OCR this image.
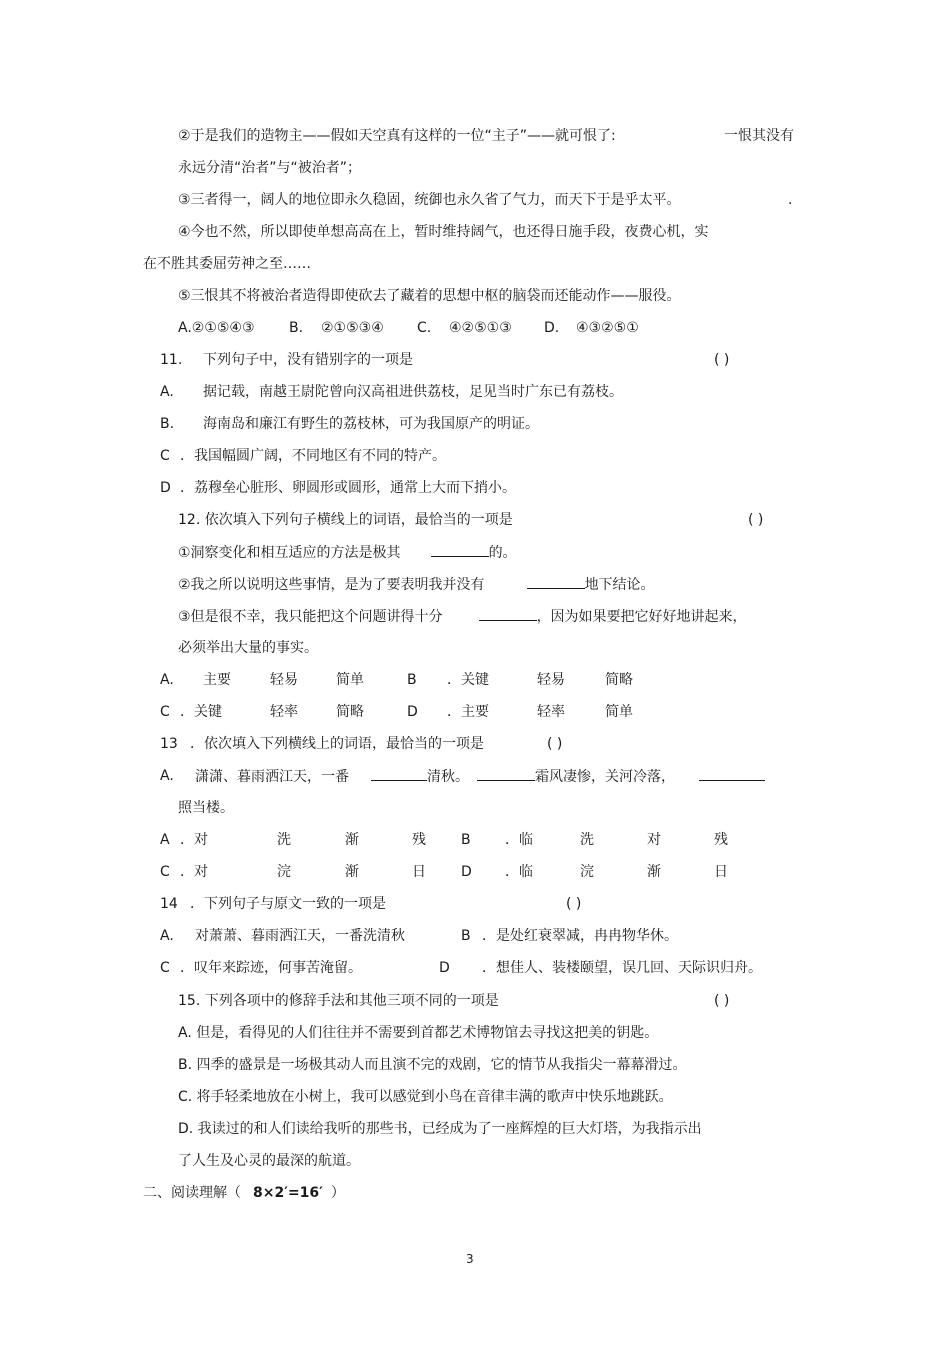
②于是我们的造物主——假如天空真有这样的一位“主子”——就可恨了:	一恨其没有
永远分清“治者”与“被治者”；
③三者得一，阔人的地位即永久稳固，统御也永久省了气力，而天下于是乎太平。	.
④今也不然，所以即使单想高高在上，暂时维持阔气，也还得日施手段，夜费心机，实
在不胜其委屈劳神之至……
⑤三恨其不将被治者造得即使砍去了藏着的思想中枢的脑袋而还能动作——服役。
A.②①⑤④③ B. ②①⑤③④ C. ④②⑤①③ D. ④③②⑤①
11. 下列句子中，没有错别字的一项是	( )
A. 据记载，南越王尉陀曾向汉高祖进供荔枝，足见当时广东已有荔枝。
B. 海南岛和廉江有野生的荔枝林，可为我国原产的明证。
C ．我国幅圆广阔，不同地区有不同的特产。
D ．荔穆垒心脏形、卵圆形或圆形，通常上大而下捎小。
12. 依次填入下列句子横线上的词语，最恰当的一项是	( )
①洞察变化和相互适应的方法是极其	的。
②我之所以说明这些事情，是为了要表明我并没有	地下结论。
③但是很不幸，我只能把这个问题讲得十分	，因为如果要把它好好地讲起来，
必须举出大量的事实。
A. 主要	轻易	简单	B ．关键	轻易	简略
C ．关键	轻率	简略	D ．主要	轻率	简单
13 ．依次填入下列横线上的词语，最恰当的一项是	( )
A. 潇潇、暮雨洒江天，一番	清秋。	霜风凄惨，关河冷落，
照当楼。
A ．对	洗	渐	残	B ．临	洗	对	残
C ．对	浣	渐	日	D ．临	浣	渐	日
14 ．下列句子与原文一致的一项是	( )
A. 对萧萧、暮雨洒江天，一番洗清秋	B ．是处红衰翠减，冉冉物华休。
C ．叹年来踪迹，何事苦淹留。	D ．想佳人、装楼颐望，误几回、天际识归舟。
15. 下列各项中的修辞手法和其他三项不同的一项是	( )
A. 但是，看得见的人们往往并不需要到首都艺术博物馆去寻找这把美的钥匙。
B. 四季的盛景是一场极其动人而且演不完的戏剧，它的情节从我指尖一幕幕滑过。
C. 将手轻柔地放在小树上，我可以感觉到小鸟在音律丰满的歌声中快乐地跳跃。
D. 我读过的和人们读给我听的那些书，已经成为了一座辉煌的巨大灯塔，为我指示出
了人生及心灵的最深的航道。
二、阅读理解（ 8×2′=16′ ）
3
